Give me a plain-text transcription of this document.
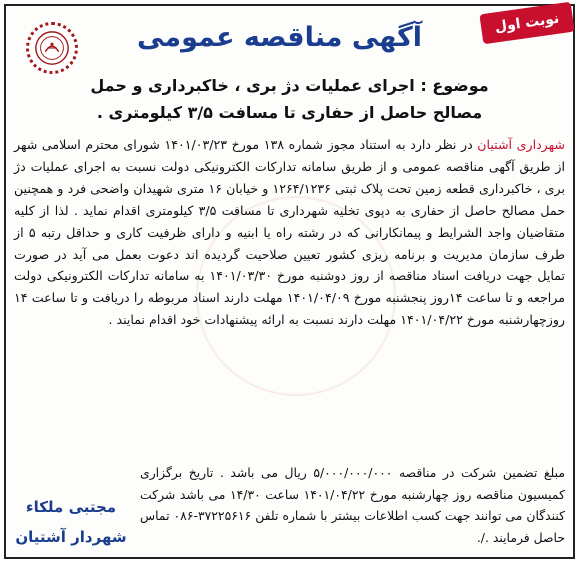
نوبت اول
آگهی مناقصه عمومی
موضوع : اجرای عملیات دژ بری ، خاکبرداری و حمل
مصالح حاصل از حفاری تا مسافت ۳/۵ کیلومتری .
شهرداری آشتیان در نظر دارد به استناد مجوز شماره ۱۳۸ مورخ ۱۴۰۱/۰۳/۲۳ شورای محترم اسلامی شهر از طریق آگهی مناقصه عمومی و از طریق سامانه تدارکات الکترونیکی دولت نسبت به اجرای عملیات دژ بری ، خاکبرداری قطعه زمین تحت پلاک ثبتی ۱۲۶۴/۱۲۳۶ و خیابان ۱۶ متری شهیدان واضحی فرد و همچنین حمل مصالح حاصل از حفاری به دپوی تخلیه شهرداری تا مسافت ۳/۵ کیلومتری اقدام نماید . لذا از کلیه متقاضیان واجد الشرایط و پیمانکارانی که در رشته راه یا ابنیه و دارای ظرفیت کاری و حداقل رتبه ۵ از طرف سازمان مدیریت و برنامه ریزی کشور تعیین صلاحیت گردیده اند دعوت بعمل می آید در صورت تمایل جهت دریافت اسناد مناقصه از روز دوشنبه مورخ ۱۴۰۱/۰۳/۳۰ به سامانه تدارکات الکترونیکی دولت مراجعه و تا ساعت ۱۴روز پنجشنبه مورخ ۱۴۰۱/۰۴/۰۹ مهلت دارند اسناد مربوطه را دریافت و تا ساعت ۱۴ روزچهارشنبه مورخ ۱۴۰۱/۰۴/۲۲ مهلت دارند نسبت به ارائه پیشنهادات خود اقدام نمایند .
مبلغ تضمین شرکت در مناقصه ۵/۰۰۰/۰۰۰/۰۰۰ ریال می باشد . تاریخ برگزاری کمیسیون مناقصه روز چهارشنبه مورخ ۱۴۰۱/۰۴/۲۲ ساعت ۱۴/۳۰ می باشد شرکت کنندگان می توانند جهت کسب اطلاعات بیشتر با شماره تلفن ۳۷۲۲۵۶۱۶-۰۸۶ تماس حاصل فرمایند ./.
مجتبی ملکاء
شهردار آشتیان
